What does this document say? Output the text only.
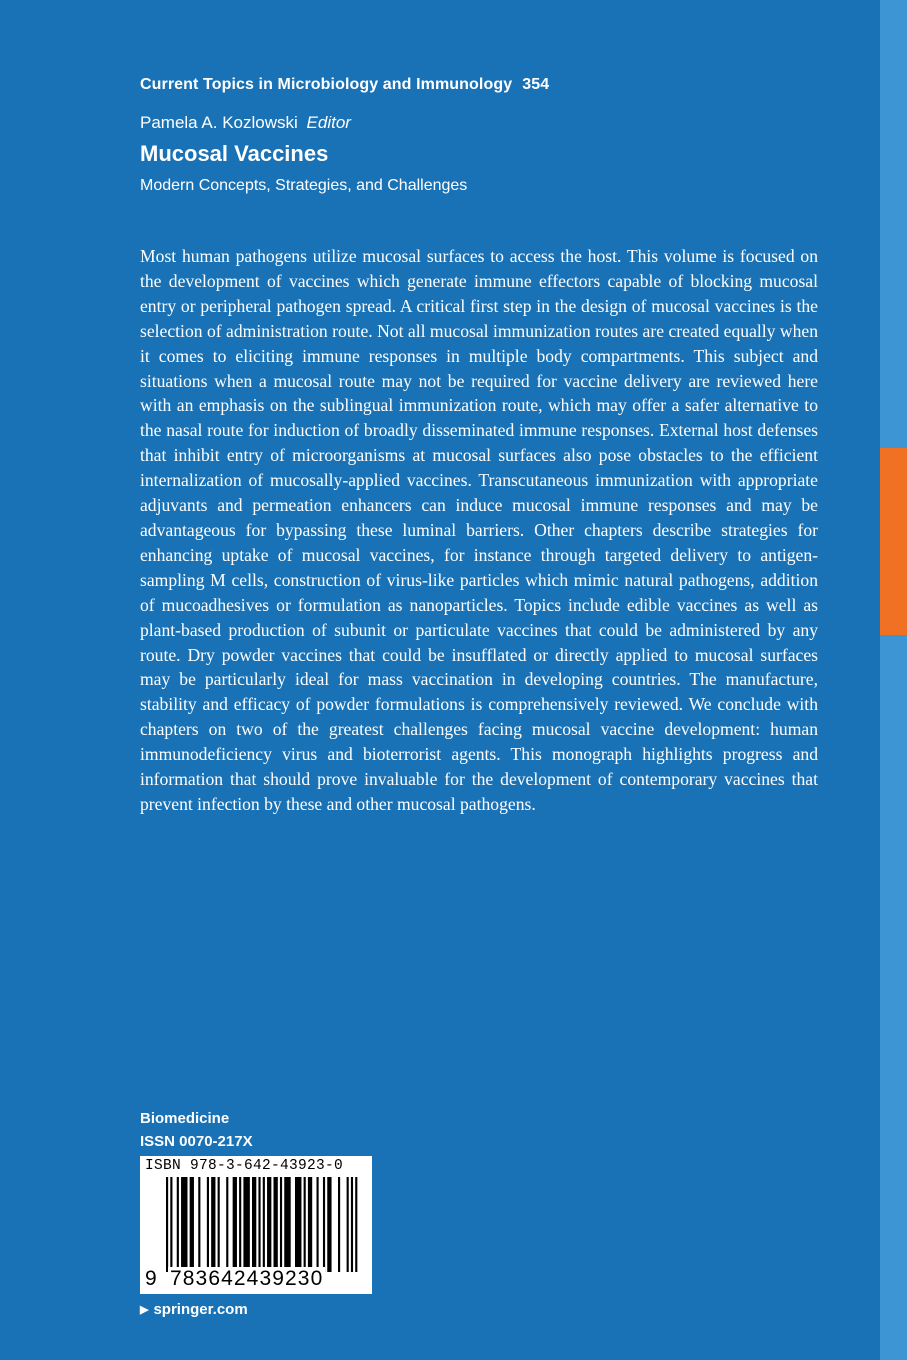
Current Topics in Microbiology and Immunology 354
Pamela A. Kozlowski Editor
Mucosal Vaccines
Modern Concepts, Strategies, and Challenges

Most human pathogens utilize mucosal surfaces to access the host. This volume is focused on the development of vaccines which generate immune effectors capable of blocking mucosal entry or peripheral pathogen spread. A critical first step in the design of mucosal vaccines is the selection of administration route. Not all mucosal immunization routes are created equally when it comes to eliciting immune responses in multiple body compartments. This subject and situations when a mucosal route may not be required for vaccine delivery are reviewed here with an emphasis on the sublingual immunization route, which may offer a safer alternative to the nasal route for induction of broadly disseminated immune responses. External host defenses that inhibit entry of microorganisms at mucosal surfaces also pose obstacles to the efficient internalization of mucosally-applied vaccines. Transcutaneous immunization with appropriate adjuvants and permeation enhancers can induce mucosal immune responses and may be advantageous for bypassing these luminal barriers. Other chapters describe strategies for enhancing uptake of mucosal vaccines, for instance through targeted delivery to antigen-sampling M cells, construction of virus-like particles which mimic natural pathogens, addition of mucoadhesives or formulation as nanoparticles. Topics include edible vaccines as well as plant-based production of subunit or particulate vaccines that could be administered by any route. Dry powder vaccines that could be insufflated or directly applied to mucosal surfaces may be particularly ideal for mass vaccination in developing countries. The manufacture, stability and efficacy of powder formulations is comprehensively reviewed. We conclude with chapters on two of the greatest challenges facing mucosal vaccine development: human immunodeficiency virus and bioterrorist agents. This monograph highlights progress and information that should prove invaluable for the development of contemporary vaccines that prevent infection by these and other mucosal pathogens.

Biomedicine
ISSN 0070-217X
ISBN 978-3-642-43923-0
9 783642439230
▶ springer.com
